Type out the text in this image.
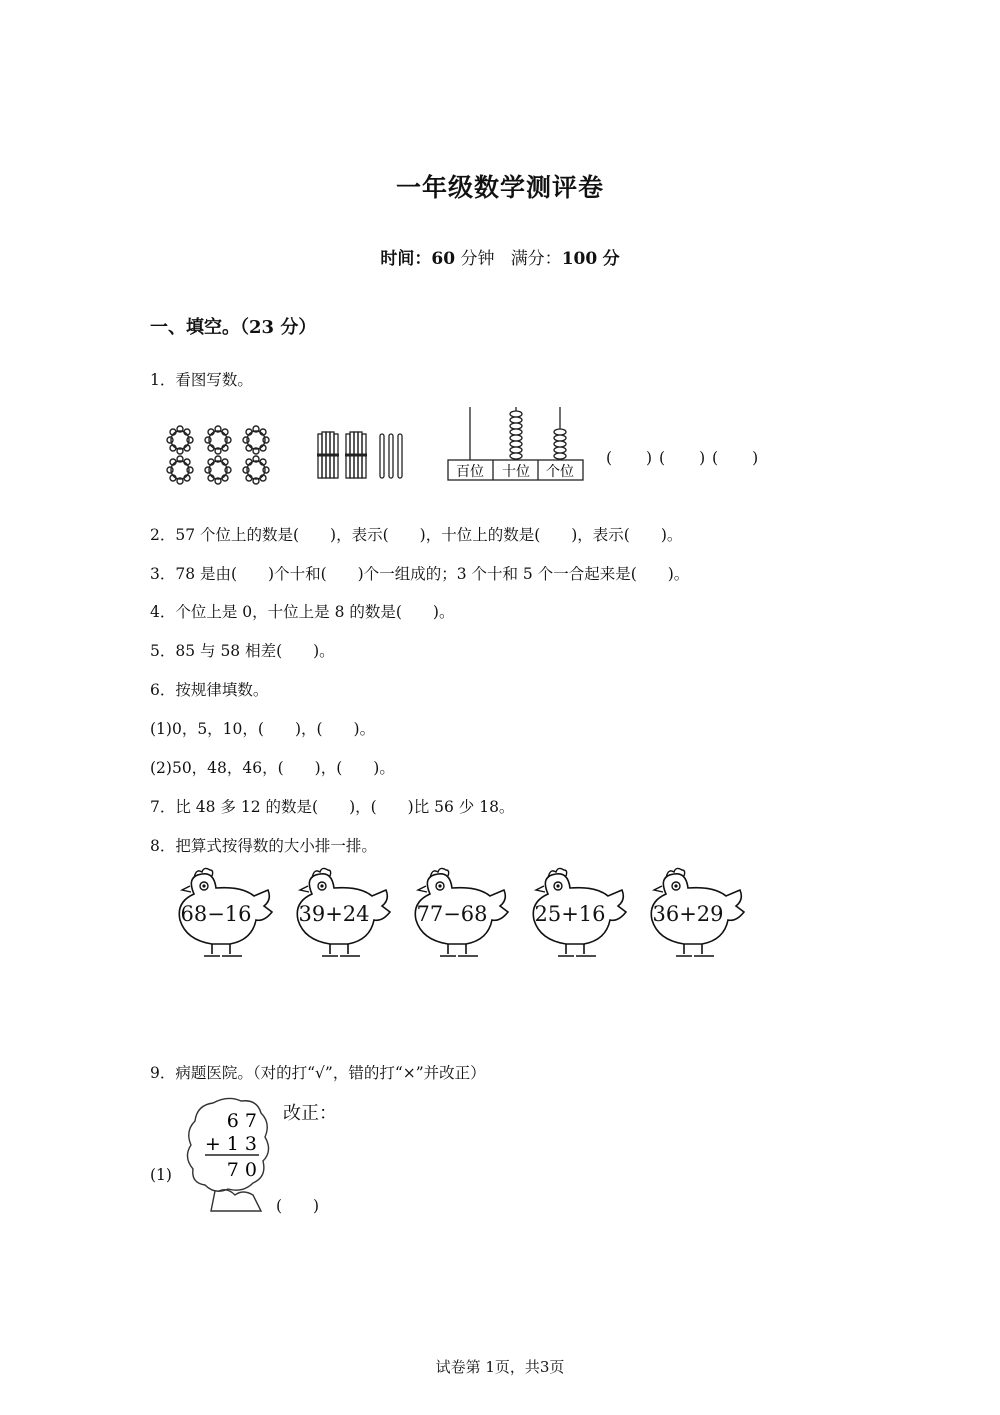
一年级数学测评卷
时间：60 分钟 满分：100 分
一、填空。（23 分）
1．看图写数。
百位 十位 个位
(　　) (　　) (　　)
2．57 个位上的数是(　　)，表示(　　)，十位上的数是(　　)，表示(　　)。
3．78 是由(　　)个十和(　　)个一组成的；3 个十和 5 个一合起来是(　　)。
4．个位上是 0，十位上是 8 的数是(　　)。
5．85 与 58 相差(　　)。
6．按规律填数。
(1)0，5，10，(　　)，(　　)。
(2)50，48，46，(　　)，(　　)。
7．比 48 多 12 的数是(　　)，(　　)比 56 少 18。
8．把算式按得数的大小排一排。
68−16	39+24	77−68	25+16	36+29
9．病题医院。（对的打“√”，错的打“×”并改正）
(1)
6 7
+ 1 3
7 0
改正：
(　　)
试卷第 1页，共3页
